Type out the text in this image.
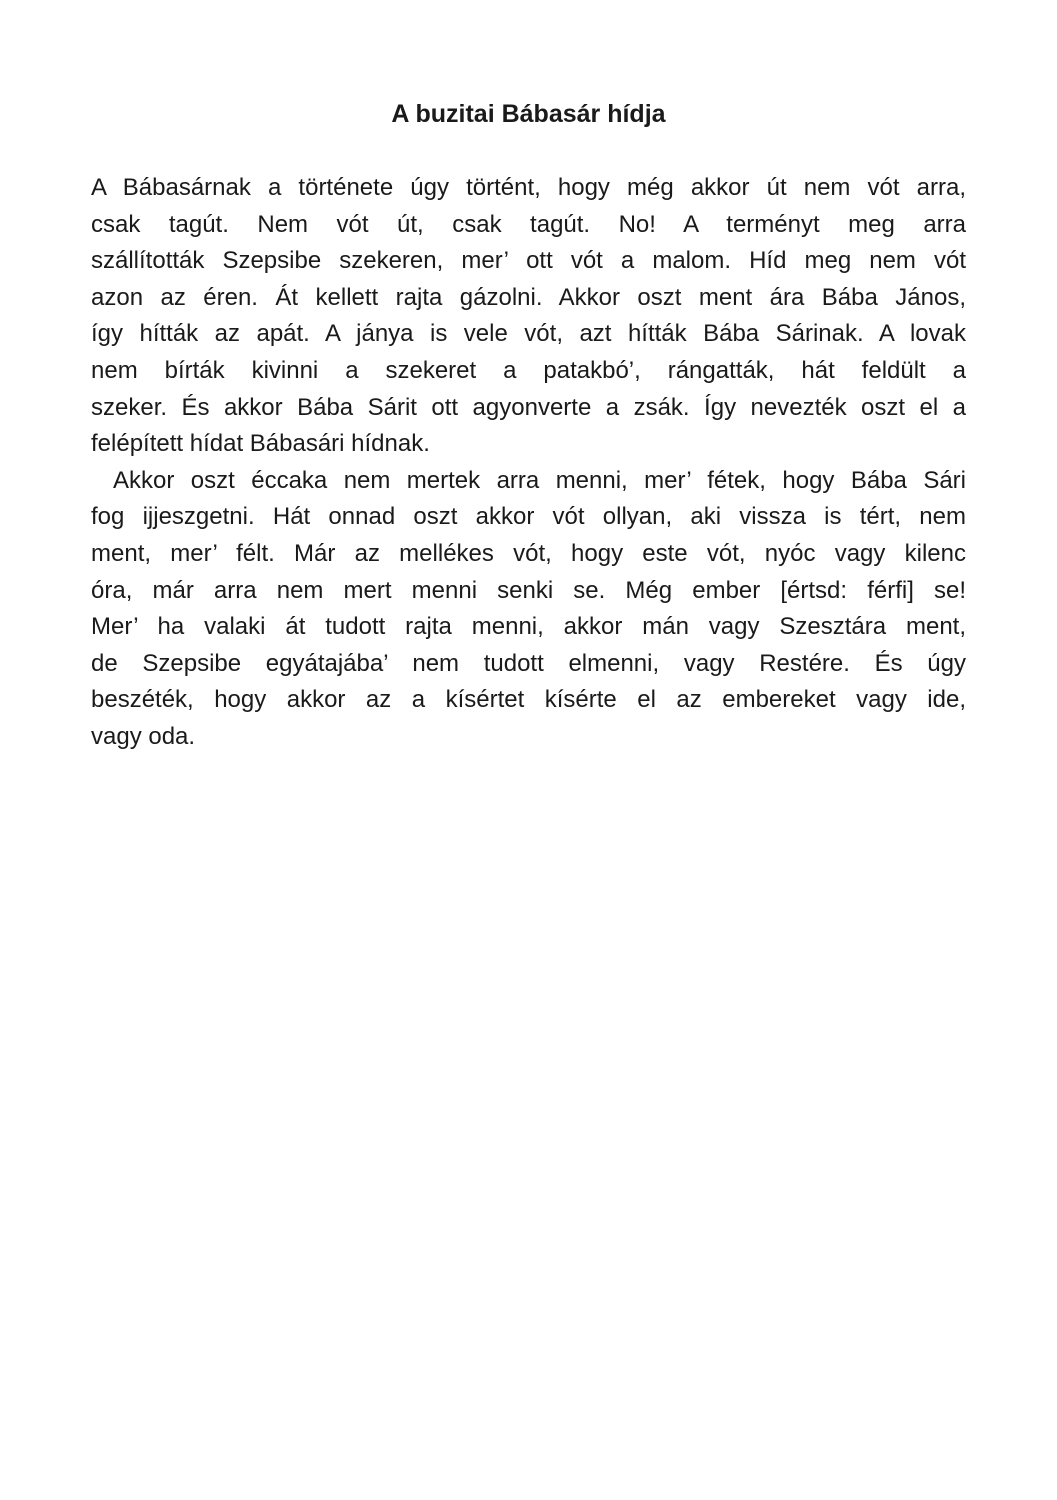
A buzitai Bábasár hídja
A Bábasárnak a története úgy történt, hogy még akkor út nem vót arra,
csak tagút. Nem vót út, csak tagút. No! A terményt meg arra
szállították Szepsibe szekeren, mer’ ott vót a malom. Híd meg nem vót
azon az éren. Át kellett rajta gázolni. Akkor oszt ment ára Bába János,
így hítták az apát. A jánya is vele vót, azt hítták Bába Sárinak. A lovak
nem bírták kivinni a szekeret a patakbó’, rángatták, hát feldült a
szeker. És akkor Bába Sárit ott agyonverte a zsák. Így nevezték oszt el a
felépített hídat Bábasári hídnak.
Akkor oszt éccaka nem mertek arra menni, mer’ fétek, hogy Bába Sári
fog ijjeszgetni. Hát onnad oszt akkor vót ollyan, aki vissza is tért, nem
ment, mer’ félt. Már az mellékes vót, hogy este vót, nyóc vagy kilenc
óra, már arra nem mert menni senki se. Még ember [értsd: férfi] se!
Mer’ ha valaki át tudott rajta menni, akkor mán vagy Szesztára ment,
de Szepsibe egyátajába’ nem tudott elmenni, vagy Restére. És úgy
beszéték, hogy akkor az a kísértet kísérte el az embereket vagy ide,
vagy oda.
